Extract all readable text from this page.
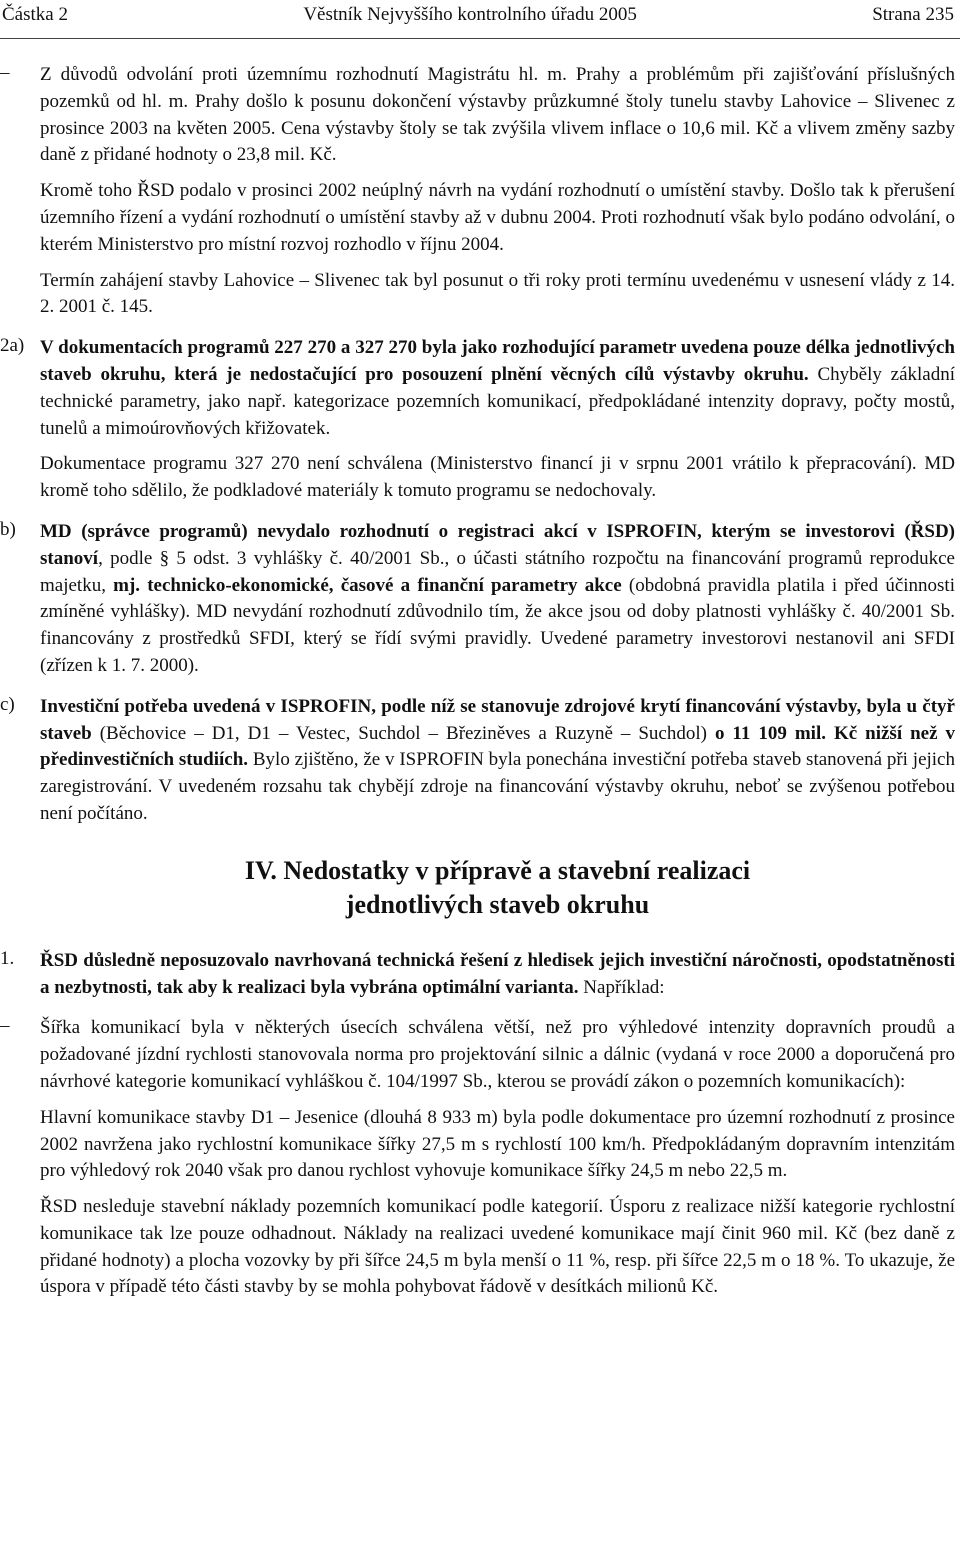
Částka 2	Věstník Nejvyššího kontrolního úřadu 2005	Strana 235
– Z důvodů odvolání proti územnímu rozhodnutí Magistrátu hl. m. Prahy a problémům při zajišťování příslušných pozemků od hl. m. Prahy došlo k posunu dokončení výstavby průzkumné štoly tunelu stavby Lahovice – Slivenec z prosince 2003 na květen 2005. Cena výstavby štoly se tak zvýšila vlivem inflace o 10,6 mil. Kč a vlivem změny sazby daně z přidané hodnoty o 23,8 mil. Kč.

Kromě toho ŘSD podalo v prosinci 2002 neúplný návrh na vydání rozhodnutí o umístění stavby. Došlo tak k přerušení územního řízení a vydání rozhodnutí o umístění stavby až v dubnu 2004. Proti rozhodnutí však bylo podáno odvolání, o kterém Ministerstvo pro místní rozvoj rozhodlo v říjnu 2004.

Termín zahájení stavby Lahovice – Slivenec tak byl posunut o tři roky proti termínu uvedenému v usnesení vlády z 14. 2. 2001 č. 145.

2a) V dokumentacích programů 227 270 a 327 270 byla jako rozhodující parametr uvedena pouze délka jednotlivých staveb okruhu, která je nedostačující pro posouzení plnění věcných cílů výstavby okruhu. Chyběly základní technické parametry, jako např. kategorizace pozemních komunikací, předpokládané intenzity dopravy, počty mostů, tunelů a mimoúrovňových křižovatek.

Dokumentace programu 327 270 není schválena (Ministerstvo financí ji v srpnu 2001 vrátilo k přepracování). MD kromě toho sdělilo, že podkladové materiály k tomuto programu se nedochovaly.

b) MD (správce programů) nevydalo rozhodnutí o registraci akcí v ISPROFIN, kterým se investorovi (ŘSD) stanoví, podle § 5 odst. 3 vyhlášky č. 40/2001 Sb., o účasti státního rozpočtu na financování programů reprodukce majetku, mj. technicko-ekonomické, časové a finanční parametry akce (obdobná pravidla platila i před účinnosti zmíněné vyhlášky). MD nevydání rozhodnutí zdůvodnilo tím, že akce jsou od doby platnosti vyhlášky č. 40/2001 Sb. financovány z prostředků SFDI, který se řídí svými pravidly. Uvedené parametry investorovi nestanovil ani SFDI (zřízen k 1. 7. 2000).

c) Investiční potřeba uvedená v ISPROFIN, podle níž se stanovuje zdrojové krytí financování výstavby, byla u čtyř staveb (Běchovice – D1, D1 – Vestec, Suchdol – Březiněves a Ruzyně – Suchdol) o 11 109 mil. Kč nižší než v předinvestičních studiích. Bylo zjištěno, že v ISPROFIN byla ponechána investiční potřeba staveb stanovená při jejich zaregistrování. V uvedeném rozsahu tak chybějí zdroje na financování výstavby okruhu, neboť se zvýšenou potřebou není počítáno.

IV. Nedostatky v přípravě a stavební realizaci
jednotlivých staveb okruhu
1. ŘSD důsledně neposuzovalo navrhovaná technická řešení z hledisek jejich investiční náročnosti, opodstatněnosti a nezbytnosti, tak aby k realizaci byla vybrána optimální varianta. Například:

– Šířka komunikací byla v některých úsecích schválena větší, než pro výhledové intenzity dopravních proudů a požadované jízdní rychlosti stanovovala norma pro projektování silnic a dálnic (vydaná v roce 2000 a doporučená pro návrhové kategorie komunikací vyhláškou č. 104/1997 Sb., kterou se provádí zákon o pozemních komunikacích):

Hlavní komunikace stavby D1 – Jesenice (dlouhá 8 933 m) byla podle dokumentace pro územní rozhodnutí z prosince 2002 navržena jako rychlostní komunikace šířky 27,5 m s rychlostí 100 km/h. Předpokládaným dopravním intenzitám pro výhledový rok 2040 však pro danou rychlost vyhovuje komunikace šířky 24,5 m nebo 22,5 m.

ŘSD nesleduje stavební náklady pozemních komunikací podle kategorií. Úsporu z realizace nižší kategorie rychlostní komunikace tak lze pouze odhadnout. Náklady na realizaci uvedené komunikace mají činit 960 mil. Kč (bez daně z přidané hodnoty) a plocha vozovky by při šířce 24,5 m byla menší o 11 %, resp. při šířce 22,5 m o 18 %. To ukazuje, že úspora v případě této části stavby by se mohla pohybovat řádově v desítkách milionů Kč.
